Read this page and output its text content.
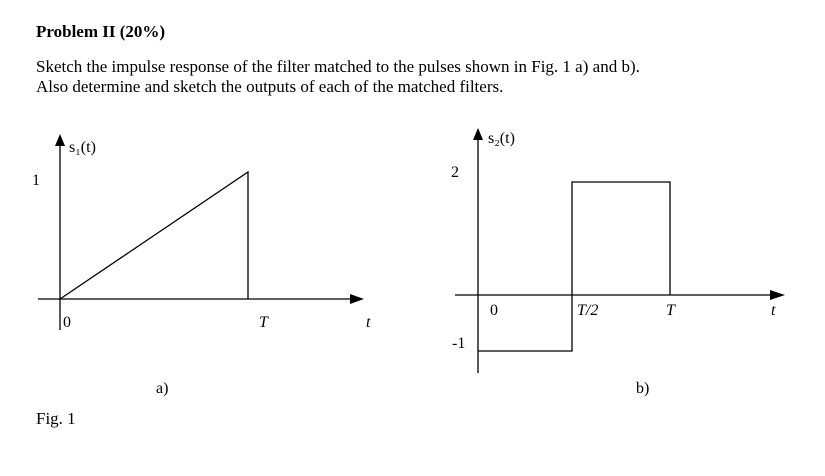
Problem II (20%)
Sketch the impulse response of the filter matched to the pulses shown in Fig. 1 a) and b).
Also determine and sketch the outputs of each of the matched filters.
s₁(t)
1
0	T	t
a)
s₂(t)
2
-1
0	T/2	T	t
b)
Fig. 1
